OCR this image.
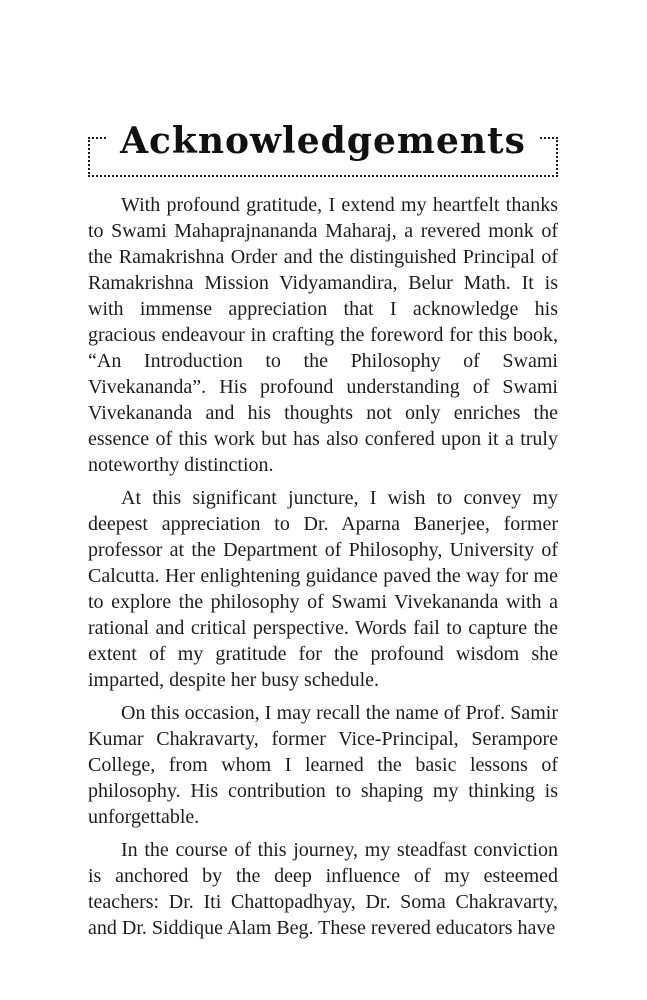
Acknowledgements

With profound gratitude, I extend my heartfelt thanks to Swami Mahaprajnananda Maharaj, a revered monk of the Ramakrishna Order and the distinguished Principal of Ramakrishna Mission Vidyamandira, Belur Math. It is with immense appreciation that I acknowledge his gracious endeavour in crafting the foreword for this book, “An Introduction to the Philosophy of Swami Vivekananda”. His profound understanding of Swami Vivekananda and his thoughts not only enriches the essence of this work but has also confered upon it a truly noteworthy distinction.

At this significant juncture, I wish to convey my deepest appreciation to Dr. Aparna Banerjee, former professor at the Department of Philosophy, University of Calcutta. Her enlightening guidance paved the way for me to explore the philosophy of Swami Vivekananda with a rational and critical perspective. Words fail to capture the extent of my gratitude for the profound wisdom she imparted, despite her busy schedule.

On this occasion, I may recall the name of Prof. Samir Kumar Chakravarty, former Vice-Principal, Serampore College, from whom I learned the basic lessons of philosophy. His contribution to shaping my thinking is unforgettable.

In the course of this journey, my steadfast conviction is anchored by the deep influence of my esteemed teachers: Dr. Iti Chattopadhyay, Dr. Soma Chakravarty, and Dr. Siddique Alam Beg. These revered educators have
